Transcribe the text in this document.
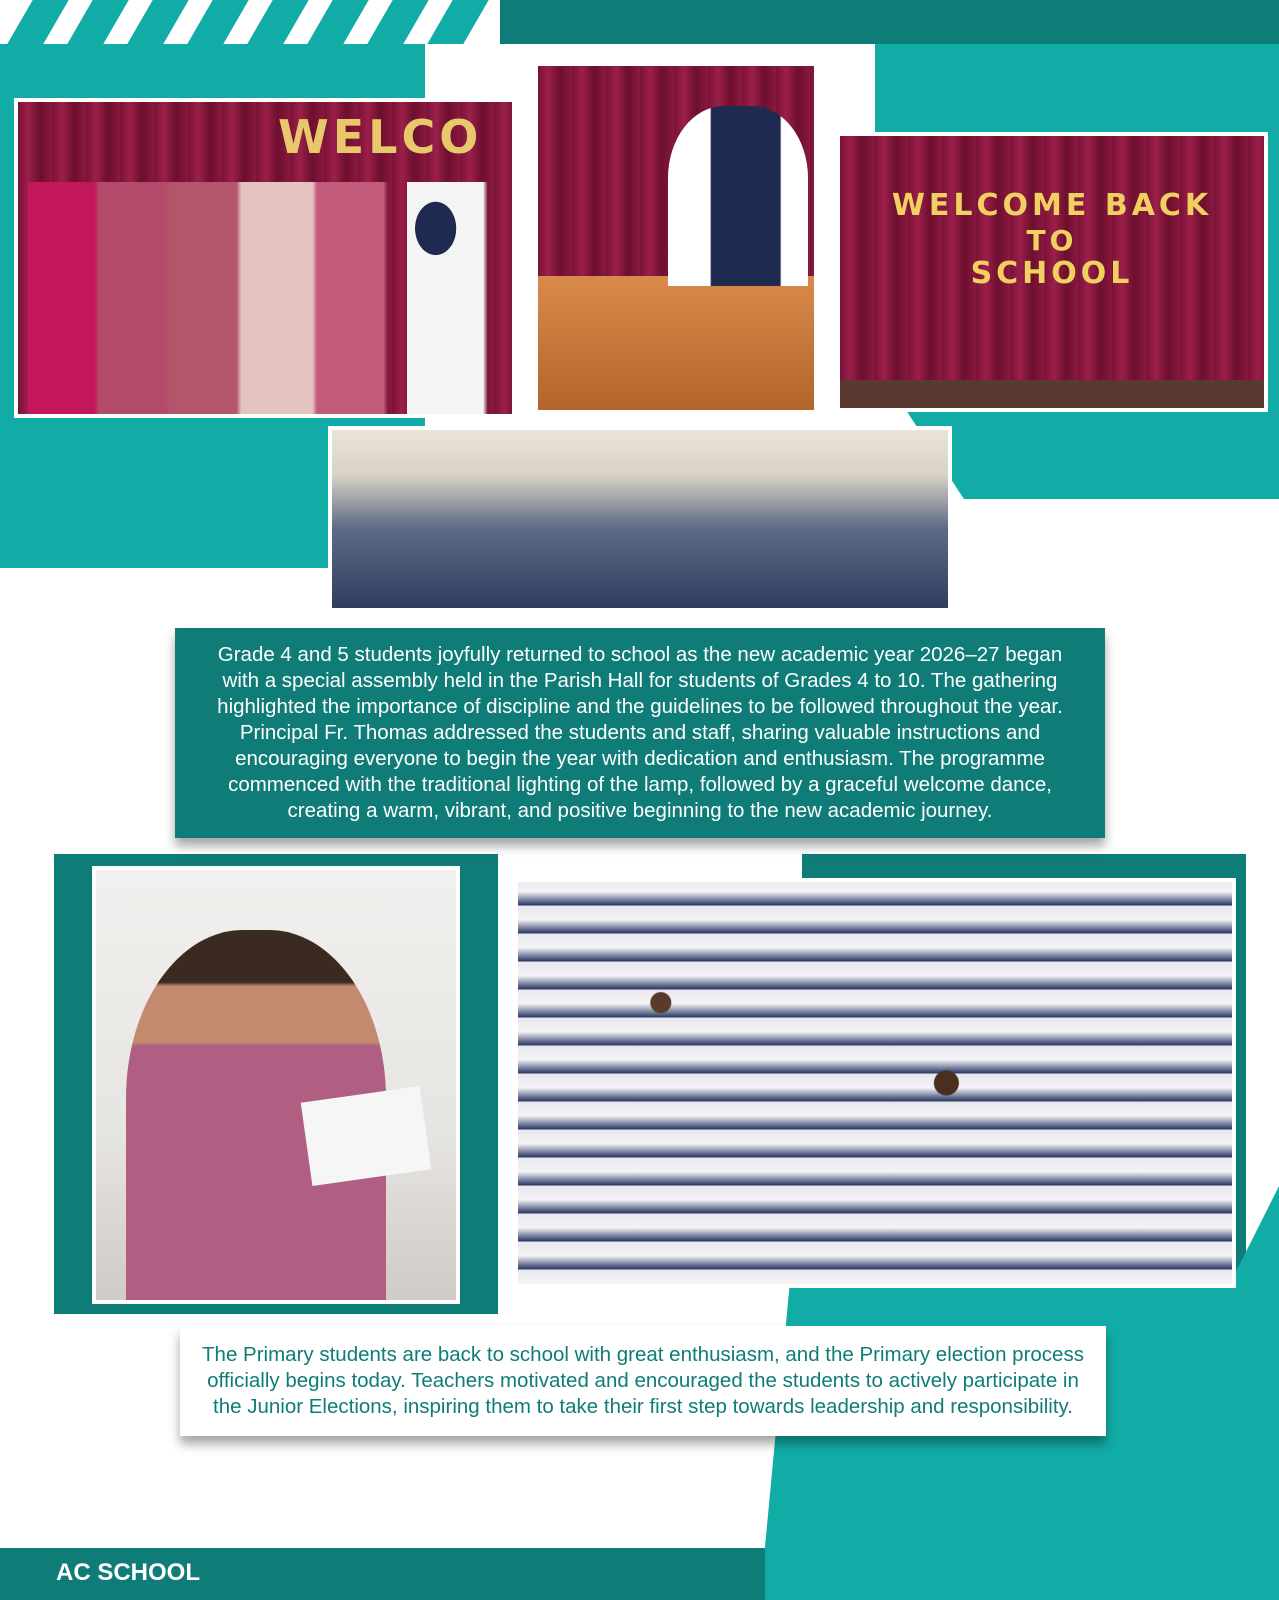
WELCO
WELCOME BACK
TO
SCHOOL

Grade 4 and 5 students joyfully returned to school as the new academic year 2026–27 began with a special assembly held in the Parish Hall for students of Grades 4 to 10. The gathering highlighted the importance of discipline and the guidelines to be followed throughout the year. Principal Fr. Thomas addressed the students and staff, sharing valuable instructions and encouraging everyone to begin the year with dedication and enthusiasm. The programme commenced with the traditional lighting of the lamp, followed by a graceful welcome dance, creating a warm, vibrant, and positive beginning to the new academic journey.

The Primary students are back to school with great enthusiasm, and the Primary election process officially begins today. Teachers motivated and encouraged the students to actively participate in the Junior Elections, inspiring them to take their first step towards leadership and responsibility.

AC SCHOOL
